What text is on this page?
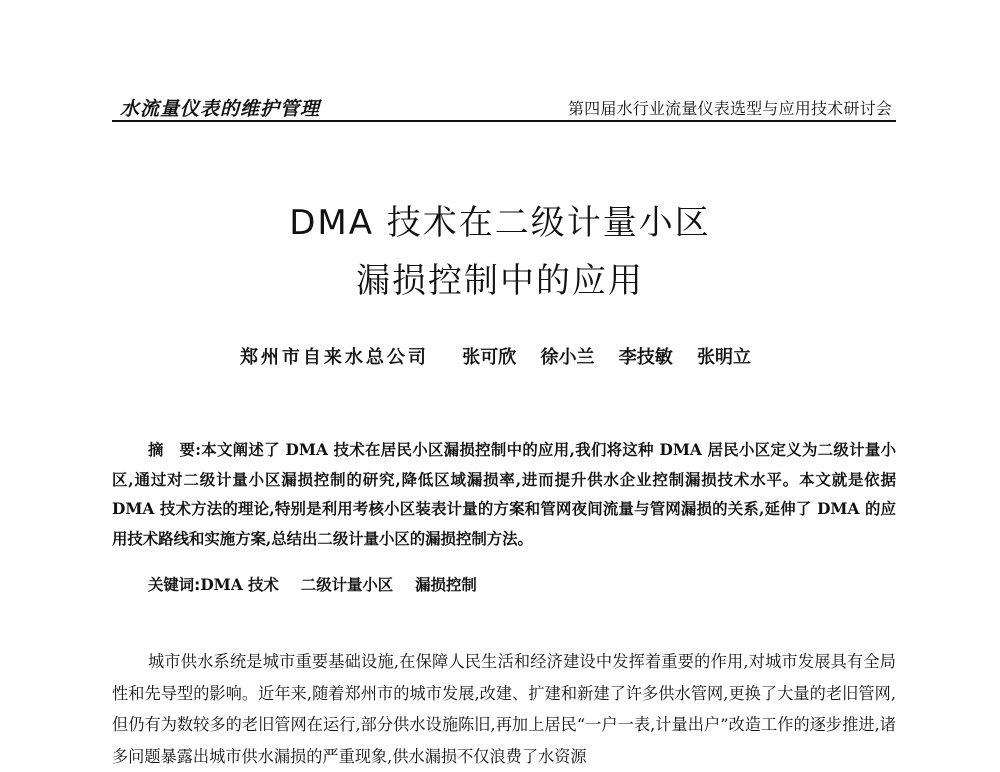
水流量仪表的维护管理	第四届水行业流量仪表选型与应用技术研讨会
DMA 技术在二级计量小区
漏损控制中的应用
郑州市自来水总公司 张可欣 徐小兰 李技敏 张明立

摘　要:本文阐述了 DMA 技术在居民小区漏损控制中的应用,我们将这种 DMA 居民小区定义为二级计量小区,通过对二级计量小区漏损控制的研究,降低区域漏损率,进而提升供水企业控制漏损技术水平。本文就是依据 DMA 技术方法的理论,特别是利用考核小区装表计量的方案和管网夜间流量与管网漏损的关系,延伸了 DMA 的应用技术路线和实施方案,总结出二级计量小区的漏损控制方法。

关键词:DMA 技术 二级计量小区 漏损控制

城市供水系统是城市重要基础设施,在保障人民生活和经济建设中发挥着重要的作用,对城市发展具有全局性和先导型的影响。近年来,随着郑州市的城市发展,改建、扩建和新建了许多供水管网,更换了大量的老旧管网,但仍有为数较多的老旧管网在运行,部分供水设施陈旧,再加上居民“一户一表,计量出户”改造工作的逐步推进,诸多问题暴露出城市供水漏损的严重现象,供水漏损不仅浪费了水资源
